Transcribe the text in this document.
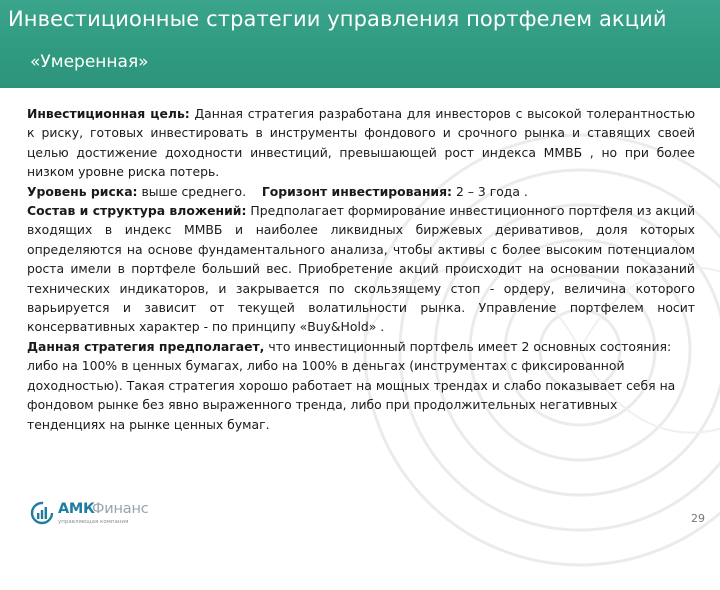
Инвестиционные стратегии управления портфелем акций
«Умеренная»

Инвестиционная цель: Данная стратегия разработана для инвесторов с высокой толерантностью к риску, готовых инвестировать в инструменты фондового и срочного рынка и ставящих своей целью достижение доходности инвестиций, превышающей рост индекса ММВБ , но при более низком уровне риска потерь.

Уровень риска: выше среднего. Горизонт инвестирования: 2 – 3 года .

Состав и структура вложений: Предполагает формирование инвестиционного портфеля из акций входящих в индекс ММВБ и наиболее ликвидных биржевых деривативов, доля которых определяются на основе фундаментального анализа, чтобы активы с более высоким потенциалом роста имели в портфеле больший вес. Приобретение акций происходит на основании показаний технических индикаторов, и закрывается по скользящему стоп - ордеру, величина которого варьируется и зависит от текущей волатильности рынка. Управление портфелем носит консервативных характер - по принципу «Buy&Hold» .

Данная стратегия предполагает, что инвестиционный портфель имеет 2 основных состояния: либо на 100% в ценных бумагах, либо на 100% в деньгах (инструментах с фиксированной доходностью). Такая стратегия хорошо работает на мощных трендах и слабо показывает себя на фондовом рынке без явно выраженного тренда, либо при продолжительных негативных тенденциях на рынке ценных бумаг.

АМК
Финанс
управляющая компания	29
